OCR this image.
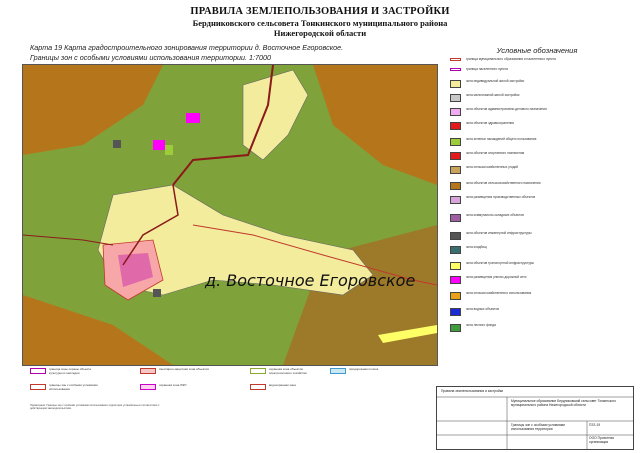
ПРАВИЛА ЗЕМЛЕПОЛЬЗОВАНИЯ И ЗАСТРОЙКИ
Бердниковского сельсовета Тонкинского муниципального района
Нижегородской области
Карта 19 Карта градостроительного зонирования территории д. Восточное Егоровское.
Границы зон с особыми условиями использования территории. 1:7000
д. Восточное Егоровское
Условные обозначения
граница муниципального образования и населенного пункта
граница населенного пункта
зона индивидуальной жилой застройки
зона малоэтажной жилой застройки
зона объектов административно-делового назначения
зона объектов здравоохранения
зона зеленых насаждений общего пользования
зона объектов спортивного назначения
зона сельскохозяйственных угодий
зона объектов сельскохозяйственного назначения
зона размещения производственных объектов
зона коммунально-складских объектов
зона объектов инженерной инфраструктуры
зона кладбищ
зона объектов транспортной инфраструктуры
зона размещения улично-дорожной сети
зона сельскохозяйственного использования
зона водных объектов
зона лесного фонда
граница зоны охраны объекта культурного наследия
санитарно-защитная зона объектов	охранная зона объектов электросетевого хозяйства
придорожная полоса
границы зон с особыми условиями использования
охранная зона ЛЭП	водоохранная зона
Примечание: Границы зон с особыми условиями использования территории установлены в соответствии с действующим законодательством.
Правила землепользования и застройки
Муниципальное образование Бердниковский сельсовет Тонкинского муниципального района Нижегородской области
Границы зон с особыми условиями использования территории
ООО Проектная организация
ПЗЗ-19
